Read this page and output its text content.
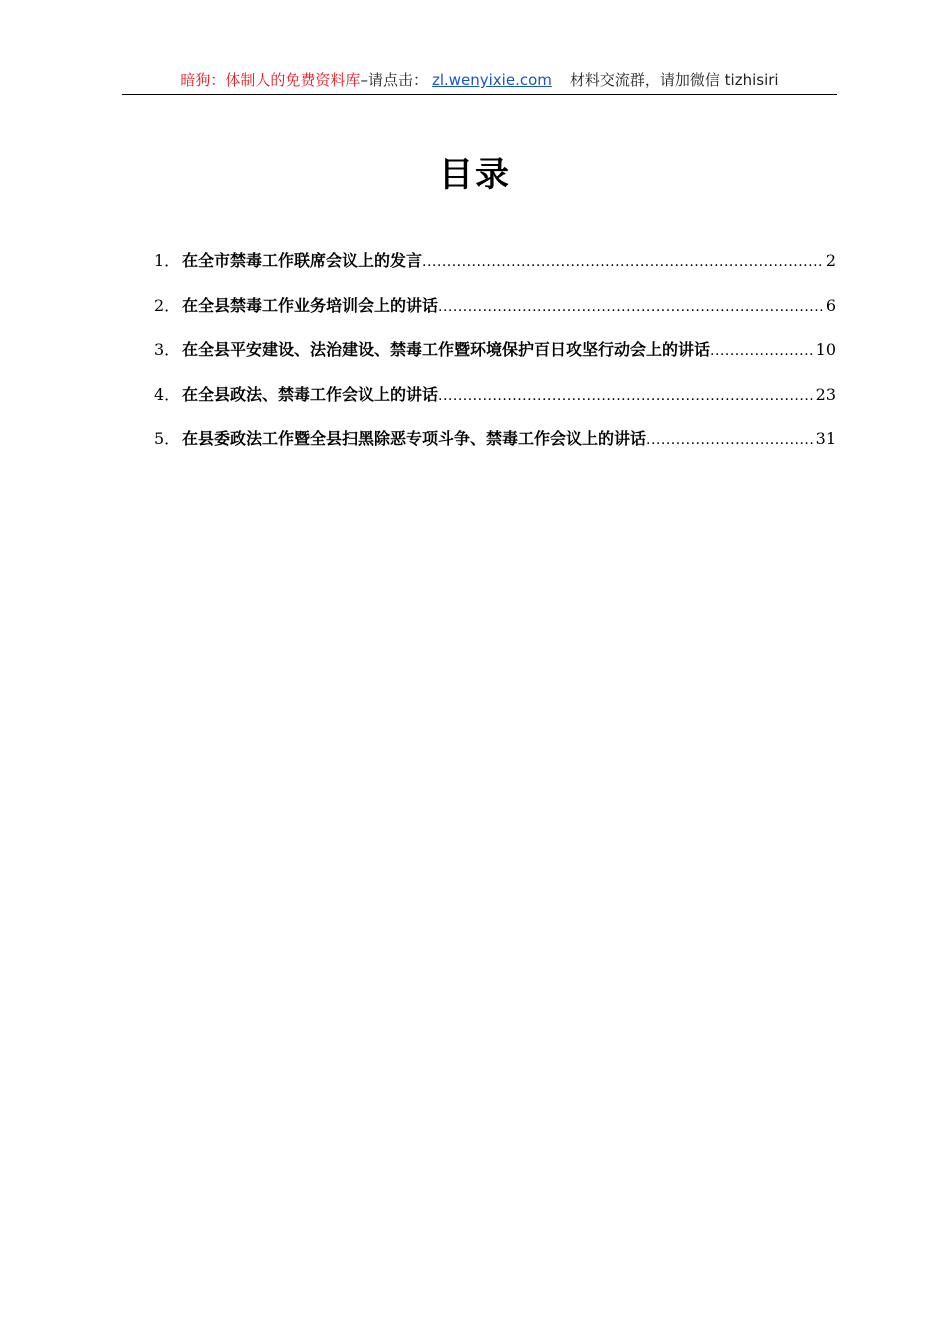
暗狗：体制人的免费资料库–请点击： zl.wenyixie.com 材料交流群，请加微信 tizhisiri
目录
1． 在全市禁毒工作联席会议上的发言 .....	2
2． 在全县禁毒工作业务培训会上的讲话 .....	6
3． 在全县平安建设、法治建设、禁毒工作暨环境保护百日攻坚行动会上的讲话 .....	10
4． 在全县政法、禁毒工作会议上的讲话 .....	23
5． 在县委政法工作暨全县扫黑除恶专项斗争、禁毒工作会议上的讲话 .....	31
